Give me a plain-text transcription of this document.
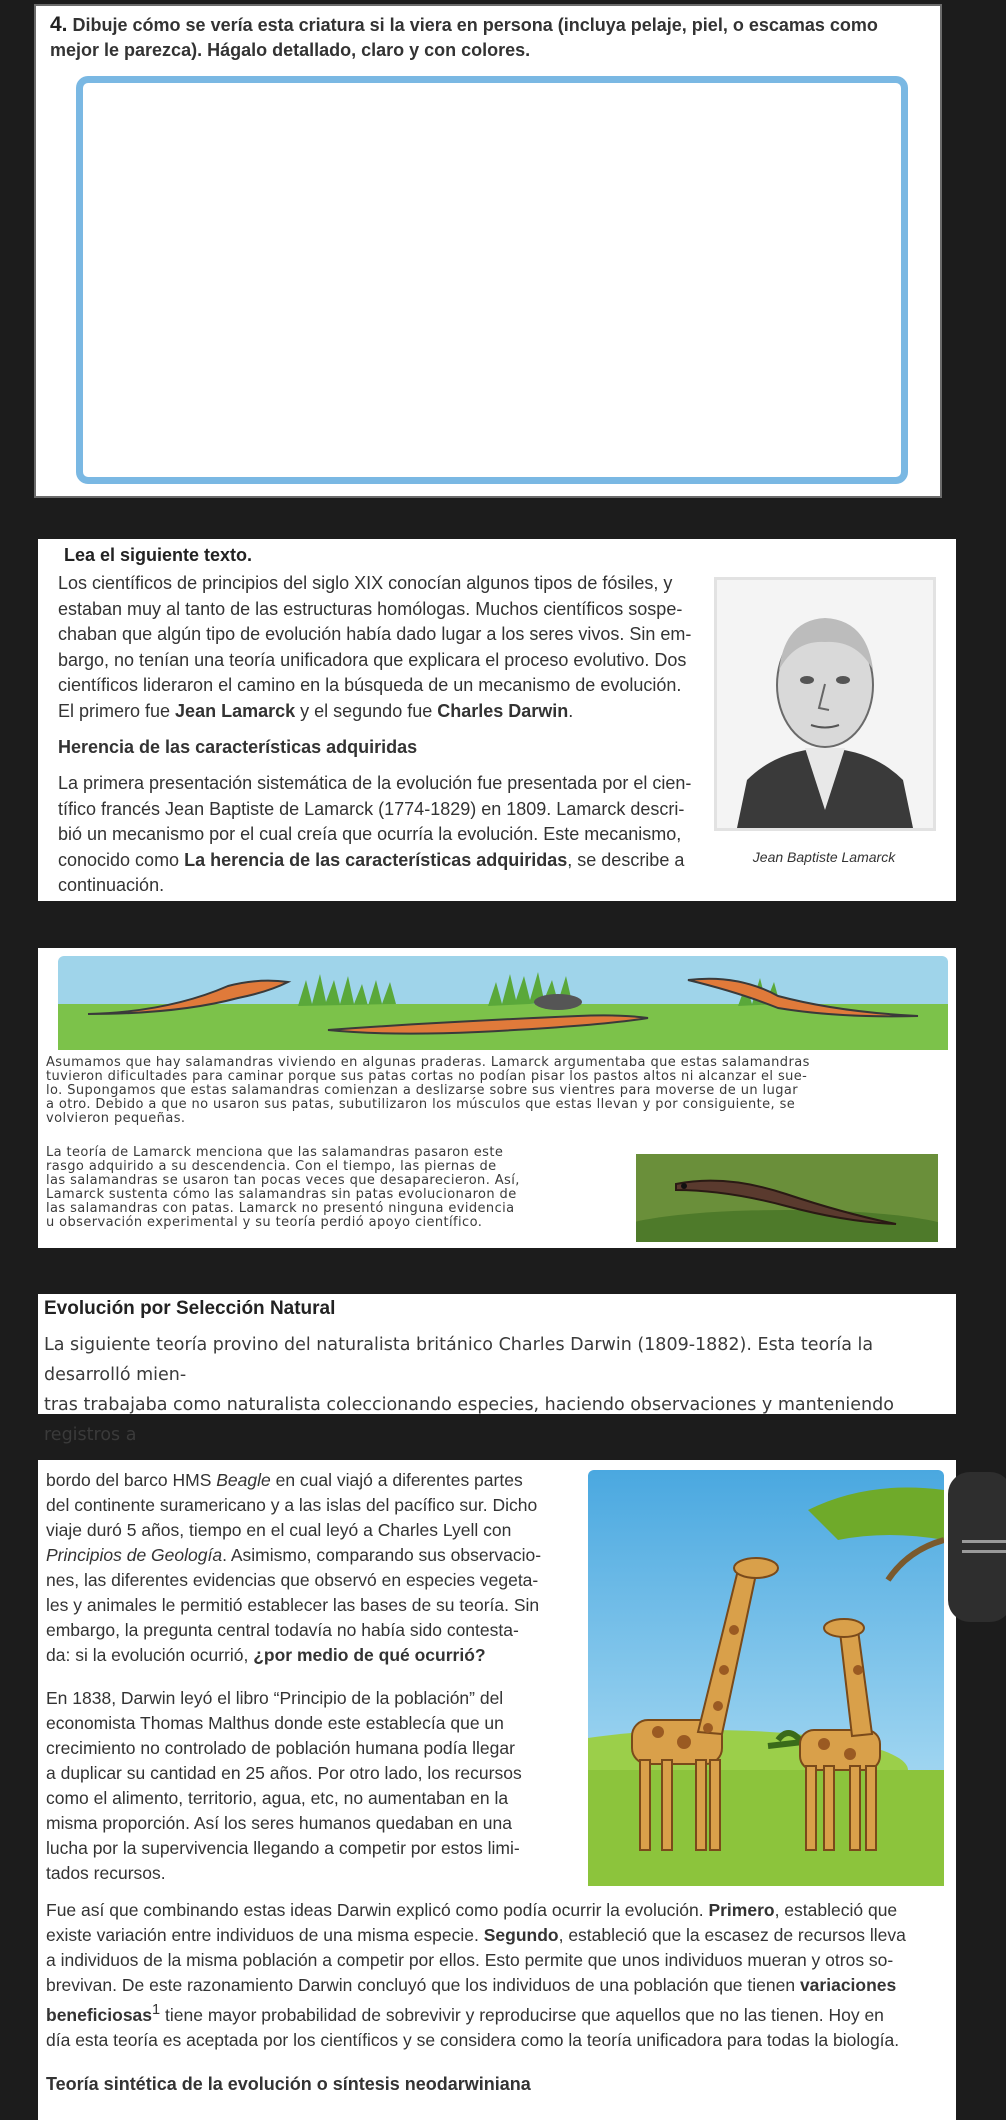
4. Dibuje cómo se vería esta criatura si la viera en persona (incluya pelaje, piel, o escamas como mejor le parezca). Hágalo detallado, claro y con colores.
Lea el siguiente texto.

Los científicos de principios del siglo XIX conocían algunos tipos de fósiles, y

estaban muy al tanto de las estructuras homólogas. Muchos científicos sospe-

chaban que algún tipo de evolución había dado lugar a los seres vivos. Sin em-

bargo, no tenían una teoría unificadora que explicara el proceso evolutivo. Dos

científicos lideraron el camino en la búsqueda de un mecanismo de evolución.

El primero fue Jean Lamarck y el segundo fue Charles Darwin.

Herencia de las características adquiridas

La primera presentación sistemática de la evolución fue presentada por el cien-

tífico francés Jean Baptiste de Lamarck (1774-1829) en 1809. Lamarck descri-

bió un mecanismo por el cual creía que ocurría la evolución. Este mecanismo,

conocido como La herencia de las características adquiridas, se describe a

continuación.

Jean Baptiste Lamarck

Asumamos que hay salamandras viviendo en algunas praderas. Lamarck argumentaba que estas salamandras

tuvieron dificultades para caminar porque sus patas cortas no podían pisar los pastos altos ni alcanzar el sue-

lo. Supongamos que estas salamandras comienzan a deslizarse sobre sus vientres para moverse de un lugar

a otro. Debido a que no usaron sus patas, subutilizaron los músculos que estas llevan y por consiguiente, se

volvieron pequeñas.

La teoría de Lamarck menciona que las salamandras pasaron este

rasgo adquirido a su descendencia. Con el tiempo, las piernas de

las salamandras se usaron tan pocas veces que desaparecieron. Así,

Lamarck sustenta cómo las salamandras sin patas evolucionaron de

las salamandras con patas. Lamarck no presentó ninguna evidencia

u observación experimental y su teoría perdió apoyo científico.

Evolución por Selección Natural

La siguiente teoría provino del naturalista británico Charles Darwin (1809-1882). Esta teoría la desarrolló mien-

tras trabajaba como naturalista coleccionando especies, haciendo observaciones y manteniendo registros a

bordo del barco HMS Beagle en cual viajó a diferentes partes

del continente suramericano y a las islas del pacífico sur. Dicho

viaje duró 5 años, tiempo en el cual leyó a Charles Lyell con

Principios de Geología. Asimismo, comparando sus observacio-

nes, las diferentes evidencias que observó en especies vegeta-

les y animales le permitió establecer las bases de su teoría. Sin

embargo, la pregunta central todavía no había sido contesta-

da: si la evolución ocurrió, ¿por medio de qué ocurrió?

En 1838, Darwin leyó el libro “Principio de la población” del

economista Thomas Malthus donde este establecía que un

crecimiento no controlado de población humana podía llegar

a duplicar su cantidad en 25 años. Por otro lado, los recursos

como el alimento, territorio, agua, etc, no aumentaban en la

misma proporción. Así los seres humanos quedaban en una

lucha por la supervivencia llegando a competir por estos limi-

tados recursos.

Fue así que combinando estas ideas Darwin explicó como podía ocurrir la evolución. Primero, estableció que

existe variación entre individuos de una misma especie. Segundo, estableció que la escasez de recursos lleva

a individuos de la misma población a competir por ellos. Esto permite que unos individuos mueran y otros so-

brevivan. De este razonamiento Darwin concluyó que los individuos de una población que tienen variaciones

beneficiosas$^1$ tiene mayor probabilidad de sobrevivir y reproducirse que aquellos que no las tienen. Hoy en

día esta teoría es aceptada por los científicos y se considera como la teoría unificadora para todas la biología.

Teoría sintética de la evolución o síntesis neodarwiniana
